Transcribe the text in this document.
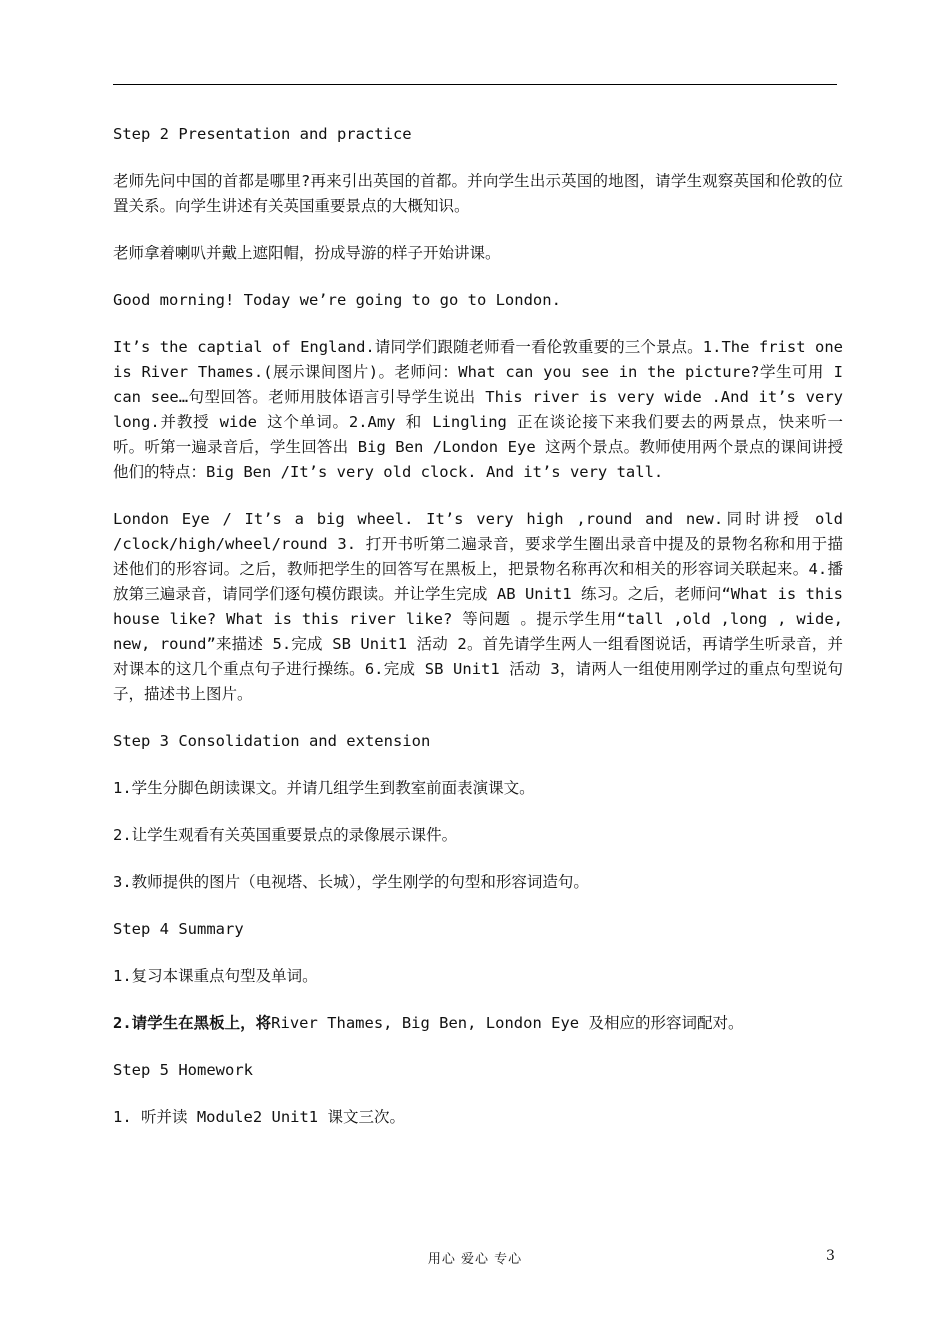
Step 2 Presentation and practice

老师先问中国的首都是哪里?再来引出英国的首都。并向学生出示英国的地图，请学生观察英国和伦敦的位置关系。向学生讲述有关英国重要景点的大概知识。

老师拿着喇叭并戴上遮阳帽，扮成导游的样子开始讲课。

Good morning! Today we’re going to go to London.

It’s the captial of England.请同学们跟随老师看一看伦敦重要的三个景点。1.The frist one is River Thames.(展示课间图片)。老师问：What can you see in the picture?学生可用 I can see…句型回答。老师用肢体语言引导学生说出 This river is very wide .And it’s very long.并教授 wide 这个单词。2.Amy 和 Lingling 正在谈论接下来我们要去的两景点，快来听一听。听第一遍录音后，学生回答出 Big Ben /London Eye 这两个景点。教师使用两个景点的课间讲授他们的特点：Big Ben /It’s very old clock. And it’s very tall.

London Eye / It’s a big wheel. It’s very high ,round and new.同时讲授 old /clock/high/wheel/round 3. 打开书听第二遍录音，要求学生圈出录音中提及的景物名称和用于描述他们的形容词。之后，教师把学生的回答写在黑板上，把景物名称再次和相关的形容词关联起来。4.播放第三遍录音，请同学们逐句模仿跟读。并让学生完成 AB Unit1 练习。之后，老师问“What is this house like? What is this river like? 等问题 。提示学生用“tall ,old ,long , wide, new, round”来描述 5.完成 SB Unit1 活动 2。首先请学生两人一组看图说话，再请学生听录音，并对课本的这几个重点句子进行操练。6.完成 SB Unit1 活动 3，请两人一组使用刚学过的重点句型说句子，描述书上图片。

Step 3 Consolidation and extension

1.学生分脚色朗读课文。并请几组学生到教室前面表演课文。

2.让学生观看有关英国重要景点的录像展示课件。

3.教师提供的图片（电视塔、长城），学生刚学的句型和形容词造句。

Step 4 Summary

1.复习本课重点句型及单词。

2.请学生在黑板上，将River Thames, Big Ben, London Eye 及相应的形容词配对。

Step 5 Homework

1. 听并读 Module2 Unit1 课文三次。

用心 爱心 专心	3
